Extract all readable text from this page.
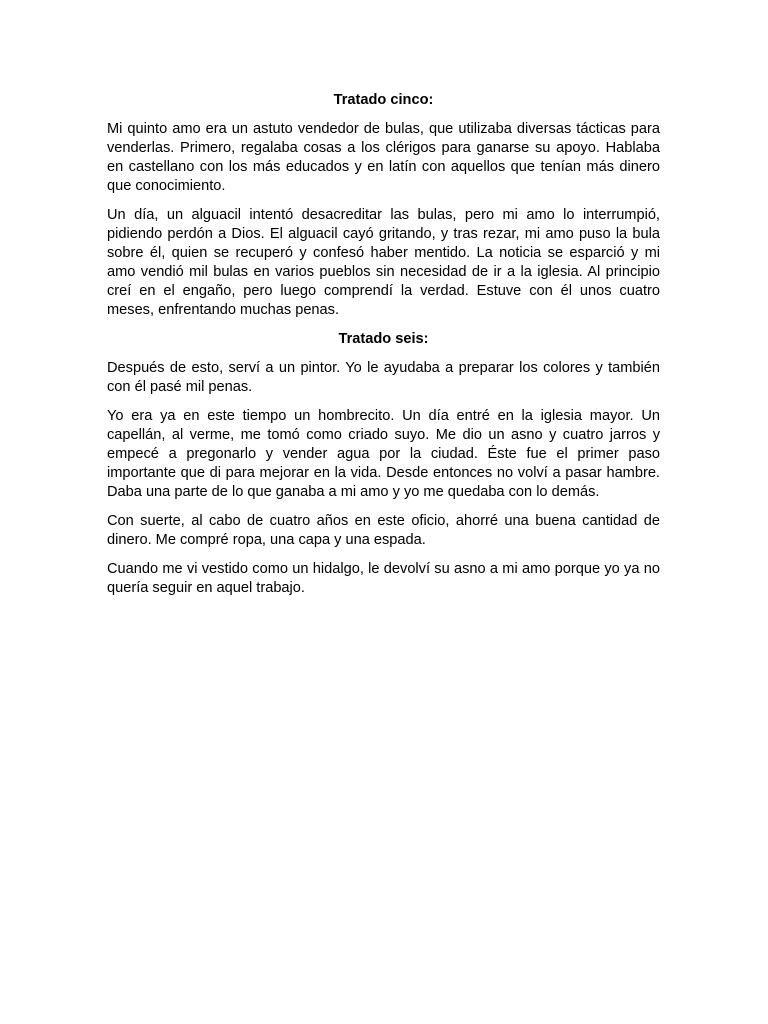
Tratado cinco:

Mi quinto amo era un astuto vendedor de bulas, que utilizaba diversas tácticas para venderlas. Primero, regalaba cosas a los clérigos para ganarse su apoyo. Hablaba en castellano con los más educados y en latín con aquellos que tenían más dinero que conocimiento.

Un día, un alguacil intentó desacreditar las bulas, pero mi amo lo interrumpió, pidiendo perdón a Dios. El alguacil cayó gritando, y tras rezar, mi amo puso la bula sobre él, quien se recuperó y confesó haber mentido. La noticia se esparció y mi amo vendió mil bulas en varios pueblos sin necesidad de ir a la iglesia. Al principio creí en el engaño, pero luego comprendí la verdad. Estuve con él unos cuatro meses, enfrentando muchas penas.

Tratado seis:

Después de esto, serví a un pintor. Yo le ayudaba a preparar los colores y también con él pasé mil penas.

Yo era ya en este tiempo un hombrecito. Un día entré en la iglesia mayor. Un capellán, al verme, me tomó como criado suyo. Me dio un asno y cuatro jarros y empecé a pregonarlo y vender agua por la ciudad. Éste fue el primer paso importante que di para mejorar en la vida. Desde entonces no volví a pasar hambre. Daba una parte de lo que ganaba a mi amo y yo me quedaba con lo demás.

Con suerte, al cabo de cuatro años en este oficio, ahorré una buena cantidad de dinero. Me compré ropa, una capa y una espada.

Cuando me vi vestido como un hidalgo, le devolví su asno a mi amo porque yo ya no quería seguir en aquel trabajo.
